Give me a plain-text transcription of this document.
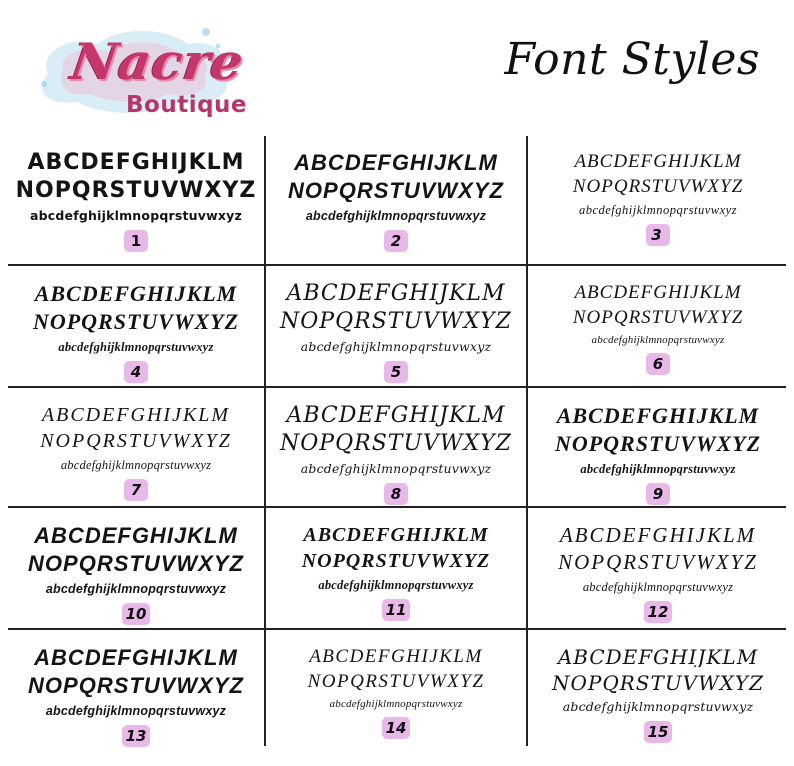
Nacre
Boutique
Font Styles
ABCDEFGHIJKLM
NOPQRSTUVWXYZ
abcdefghijklmnopqrstuvwxyz
1
ABCDEFGHIJKLM
NOPQRSTUVWXYZ
abcdefghijklmnopqrstuvwxyz
2
ABCDEFGHIJKLM
NOPQRSTUVWXYZ
abcdefghijklmnopqrstuvwxyz
3
ABCDEFGHIJKLM
NOPQRSTUVWXYZ
abcdefghijklmnopqrstuvwxyz
4
ABCDEFGHIJKLM
NOPQRSTUVWXYZ
abcdefghijklmnopqrstuvwxyz
5
ABCDEFGHIJKLM
NOPQRSTUVWXYZ
abcdefghijklmnopqrstuvwxyz
6
ABCDEFGHIJKLM
NOPQRSTUVWXYZ
abcdefghijklmnopqrstuvwxyz
7
ABCDEFGHIJKLM
NOPQRSTUVWXYZ
abcdefghijklmnopqrstuvwxyz
8
ABCDEFGHIJKLM
NOPQRSTUVWXYZ
abcdefghijklmnopqrstuvwxyz
9
ABCDEFGHIJKLM
NOPQRSTUVWXYZ
abcdefghijklmnopqrstuvwxyz
10
ABCDEFGHIJKLM
NOPQRSTUVWXYZ
abcdefghijklmnopqrstuvwxyz
11
ABCDEFGHIJKLM
NOPQRSTUVWXYZ
abcdefghijklmnopqrstuvwxyz
12
ABCDEFGHIJKLM
NOPQRSTUVWXYZ
abcdefghijklmnopqrstuvwxyz
13
ABCDEFGHIJKLM
NOPQRSTUVWXYZ
abcdefghijklmnopqrstuvwxyz
14
ABCDEFGHIJKLM
NOPQRSTUVWXYZ
abcdefghijklmnopqrstuvwxyz
15
